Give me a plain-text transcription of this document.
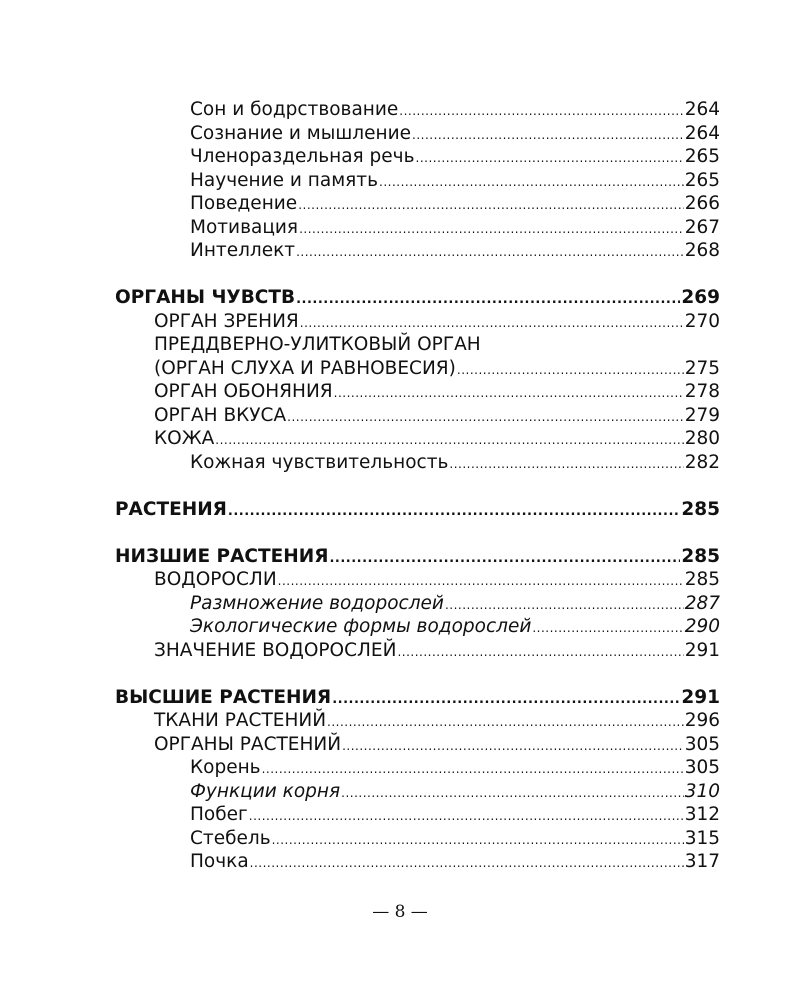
Сон и бодрствование .....	264
Сознание и мышление .....	264
Членораздельная речь .....	265
Научение и память .....	265
Поведение .....	266
Мотивация .....	267
Интеллект .....	268
ОРГАНЫ ЧУВСТВ .....	269
ОРГАН ЗРЕНИЯ .....	270
ПРЕДДВЕРНО-УЛИТКОВЫЙ ОРГАН
(ОРГАН СЛУХА И РАВНОВЕСИЯ) .....	275
ОРГАН ОБОНЯНИЯ .....	278
ОРГАН ВКУСА .....	279
КОЖА .....	280
Кожная чувствительность .....	282
РАСТЕНИЯ .....	285
НИЗШИЕ РАСТЕНИЯ .....	285
ВОДОРОСЛИ .....	285
Размножение водорослей .....	287
Экологические формы водорослей .....	290
ЗНАЧЕНИЕ ВОДОРОСЛЕЙ .....	291
ВЫСШИЕ РАСТЕНИЯ .....	291
ТКАНИ РАСТЕНИЙ .....	296
ОРГАНЫ РАСТЕНИЙ .....	305
Корень .....	305
Функции корня .....	310
Побег .....	312
Стебель .....	315
Почка .....	317
— 8 —
